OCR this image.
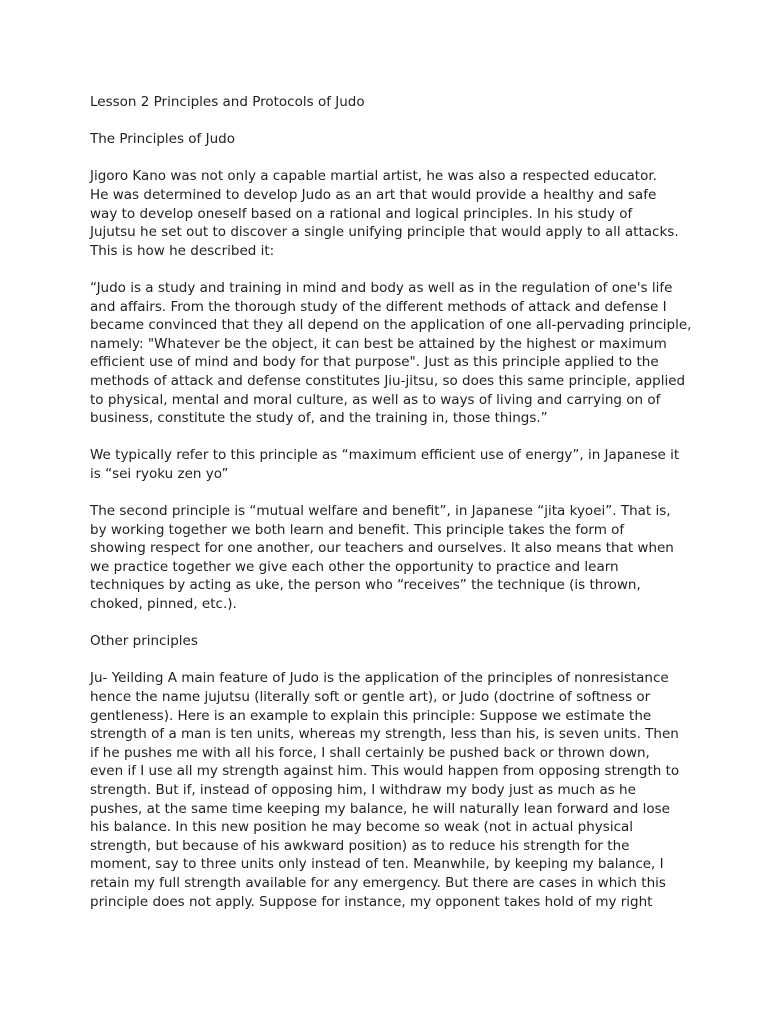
Lesson 2 Principles and Protocols of Judo

The Principles of Judo

Jigoro Kano was not only a capable martial artist, he was also a respected educator.
He was determined to develop Judo as an art that would provide a healthy and safe
way to develop oneself based on a rational and logical principles. In his study of
Jujutsu he set out to discover a single unifying principle that would apply to all attacks.
This is how he described it:

“Judo is a study and training in mind and body as well as in the regulation of one's life
and affairs. From the thorough study of the different methods of attack and defense I
became convinced that they all depend on the application of one all-pervading principle,
namely: "Whatever be the object, it can best be attained by the highest or maximum
efficient use of mind and body for that purpose". Just as this principle applied to the
methods of attack and defense constitutes Jiu-jitsu, so does this same principle, applied
to physical, mental and moral culture, as well as to ways of living and carrying on of
business, constitute the study of, and the training in, those things.”

We typically refer to this principle as “maximum efficient use of energy”, in Japanese it
is “sei ryoku zen yo”

The second principle is “mutual welfare and benefit”, in Japanese “jita kyoei”. That is,
by working together we both learn and benefit. This principle takes the form of
showing respect for one another, our teachers and ourselves. It also means that when
we practice together we give each other the opportunity to practice and learn
techniques by acting as uke, the person who “receives” the technique (is thrown,
choked, pinned, etc.).

Other principles

Ju- Yeilding A main feature of Judo is the application of the principles of nonresistance
hence the name jujutsu (literally soft or gentle art), or Judo (doctrine of softness or
gentleness). Here is an example to explain this principle: Suppose we estimate the
strength of a man is ten units, whereas my strength, less than his, is seven units. Then
if he pushes me with all his force, I shall certainly be pushed back or thrown down,
even if I use all my strength against him. This would happen from opposing strength to
strength. But if, instead of opposing him, I withdraw my body just as much as he
pushes, at the same time keeping my balance, he will naturally lean forward and lose
his balance. In this new position he may become so weak (not in actual physical
strength, but because of his awkward position) as to reduce his strength for the
moment, say to three units only instead of ten. Meanwhile, by keeping my balance, I
retain my full strength available for any emergency. But there are cases in which this
principle does not apply. Suppose for instance, my opponent takes hold of my right
